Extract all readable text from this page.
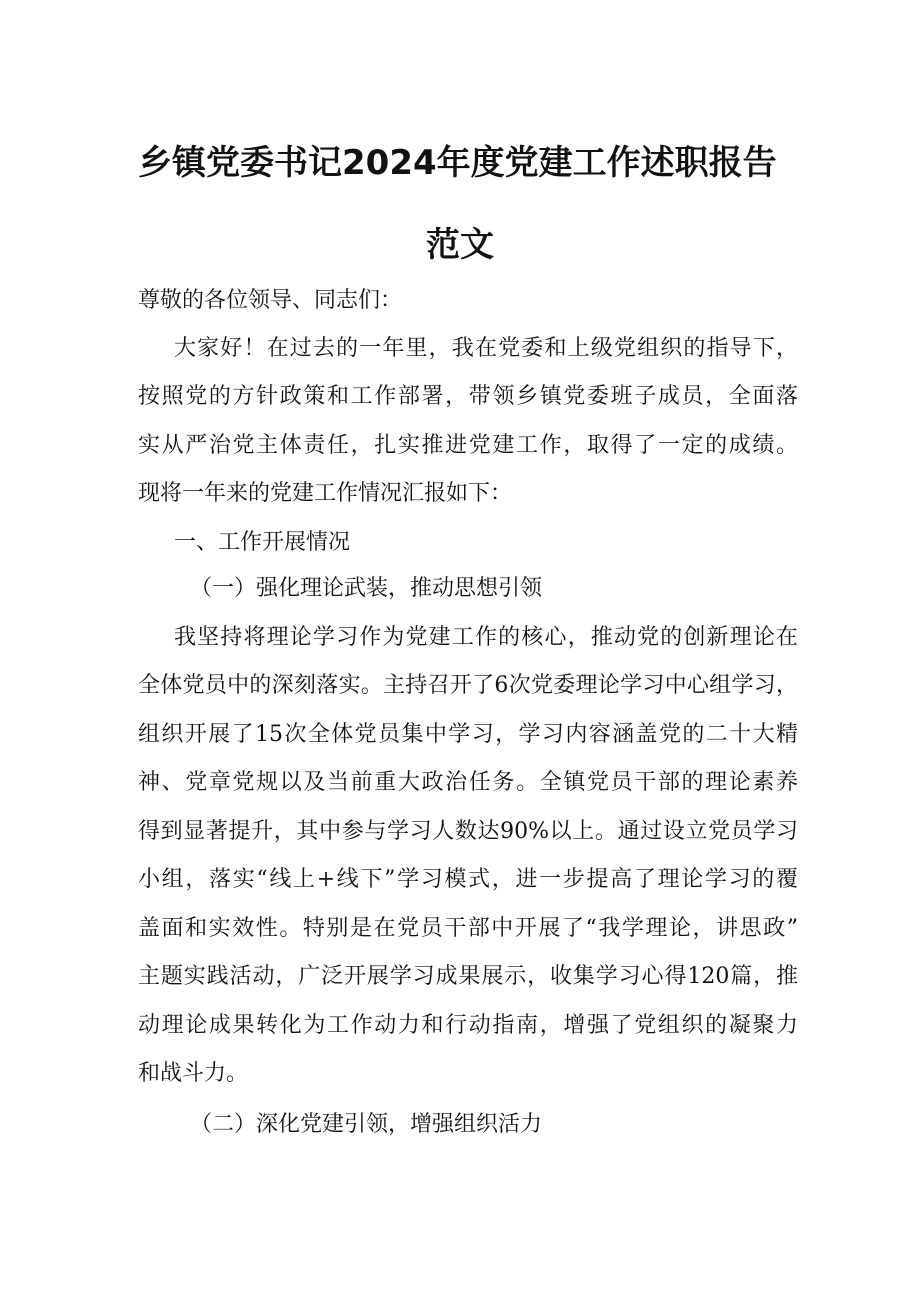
乡镇党委书记2024年度党建工作述职报告
范文
尊敬的各位领导、同志们：
大家好！在过去的一年里，我在党委和上级党组织的指导下，
按照党的方针政策和工作部署，带领乡镇党委班子成员，全面落
实从严治党主体责任，扎实推进党建工作，取得了一定的成绩。
现将一年来的党建工作情况汇报如下：
一、工作开展情况
（一）强化理论武装，推动思想引领
我坚持将理论学习作为党建工作的核心，推动党的创新理论在
全体党员中的深刻落实。主持召开了6次党委理论学习中心组学习，
组织开展了15次全体党员集中学习，学习内容涵盖党的二十大精
神、党章党规以及当前重大政治任务。全镇党员干部的理论素养
得到显著提升，其中参与学习人数达90%以上。通过设立党员学习
小组，落实“线上+线下”学习模式，进一步提高了理论学习的覆
盖面和实效性。特别是在党员干部中开展了“我学理论，讲思政”
主题实践活动，广泛开展学习成果展示，收集学习心得120篇，推
动理论成果转化为工作动力和行动指南，增强了党组织的凝聚力
和战斗力。
（二）深化党建引领，增强组织活力
